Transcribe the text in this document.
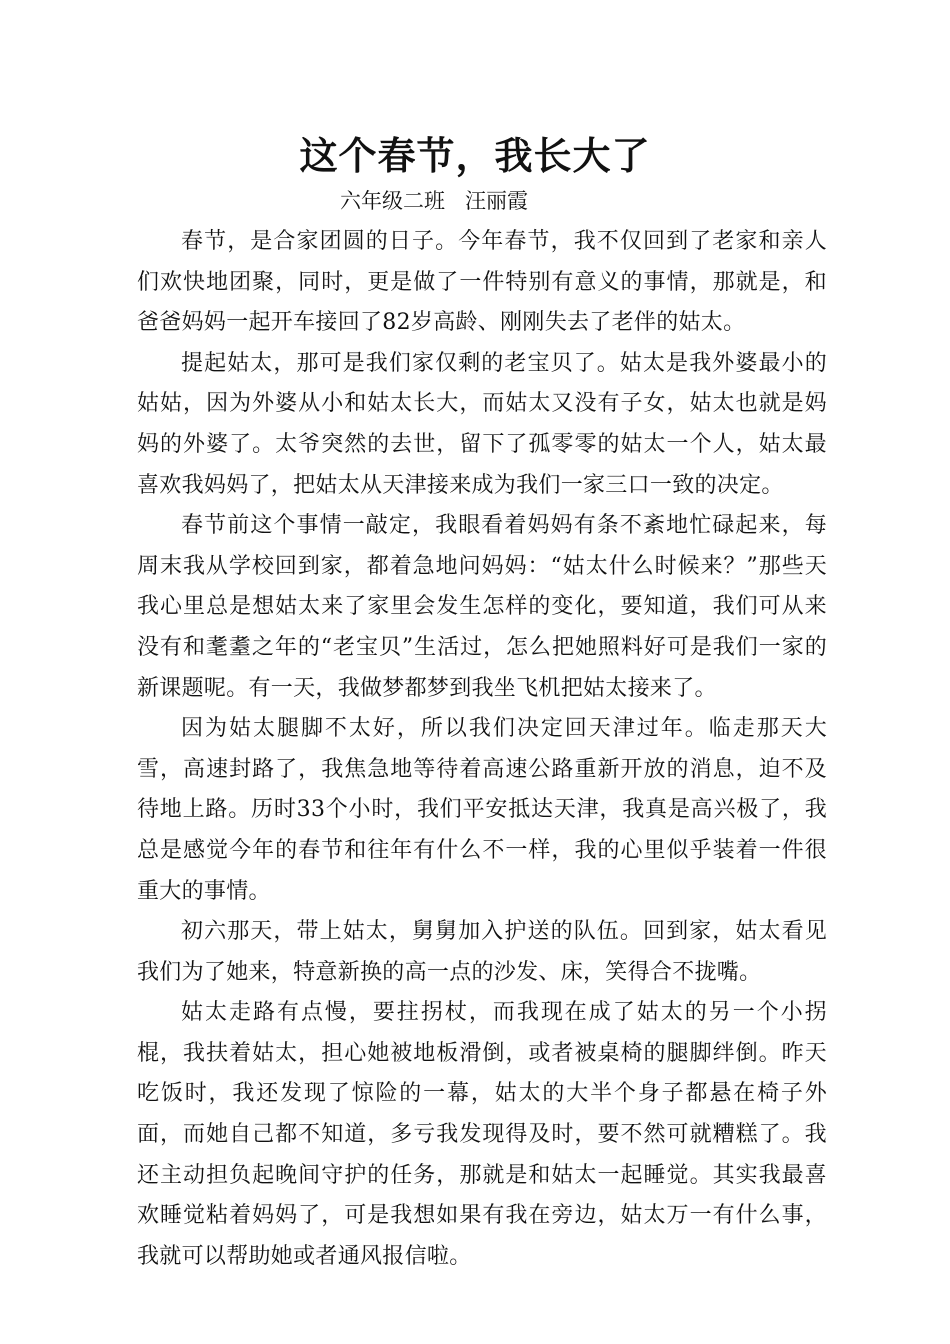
这个春节，我长大了
六年级二班   汪丽霞

春节，是合家团圆的日子。今年春节，我不仅回到了老家和亲人们欢快地团聚，同时，更是做了一件特别有意义的事情，那就是，和爸爸妈妈一起开车接回了82岁高龄、刚刚失去了老伴的姑太。

提起姑太，那可是我们家仅剩的老宝贝了。姑太是我外婆最小的姑姑，因为外婆从小和姑太长大，而姑太又没有子女，姑太也就是妈妈的外婆了。太爷突然的去世，留下了孤零零的姑太一个人，姑太最喜欢我妈妈了，把姑太从天津接来成为我们一家三口一致的决定。

春节前这个事情一敲定，我眼看着妈妈有条不紊地忙碌起来，每周末我从学校回到家，都着急地问妈妈：“姑太什么时候来？”那些天我心里总是想姑太来了家里会发生怎样的变化，要知道，我们可从来没有和耄耋之年的“老宝贝”生活过，怎么把她照料好可是我们一家的新课题呢。有一天，我做梦都梦到我坐飞机把姑太接来了。

因为姑太腿脚不太好，所以我们决定回天津过年。临走那天大雪，高速封路了，我焦急地等待着高速公路重新开放的消息，迫不及待地上路。历时33个小时，我们平安抵达天津，我真是高兴极了，我总是感觉今年的春节和往年有什么不一样，我的心里似乎装着一件很重大的事情。

初六那天，带上姑太，舅舅加入护送的队伍。回到家，姑太看见我们为了她来，特意新换的高一点的沙发、床，笑得合不拢嘴。

姑太走路有点慢，要拄拐杖，而我现在成了姑太的另一个小拐棍，我扶着姑太，担心她被地板滑倒，或者被桌椅的腿脚绊倒。昨天吃饭时，我还发现了惊险的一幕，姑太的大半个身子都悬在椅子外面，而她自己都不知道，多亏我发现得及时，要不然可就糟糕了。我还主动担负起晚间守护的任务，那就是和姑太一起睡觉。其实我最喜欢睡觉粘着妈妈了，可是我想如果有我在旁边，姑太万一有什么事，我就可以帮助她或者通风报信啦。
